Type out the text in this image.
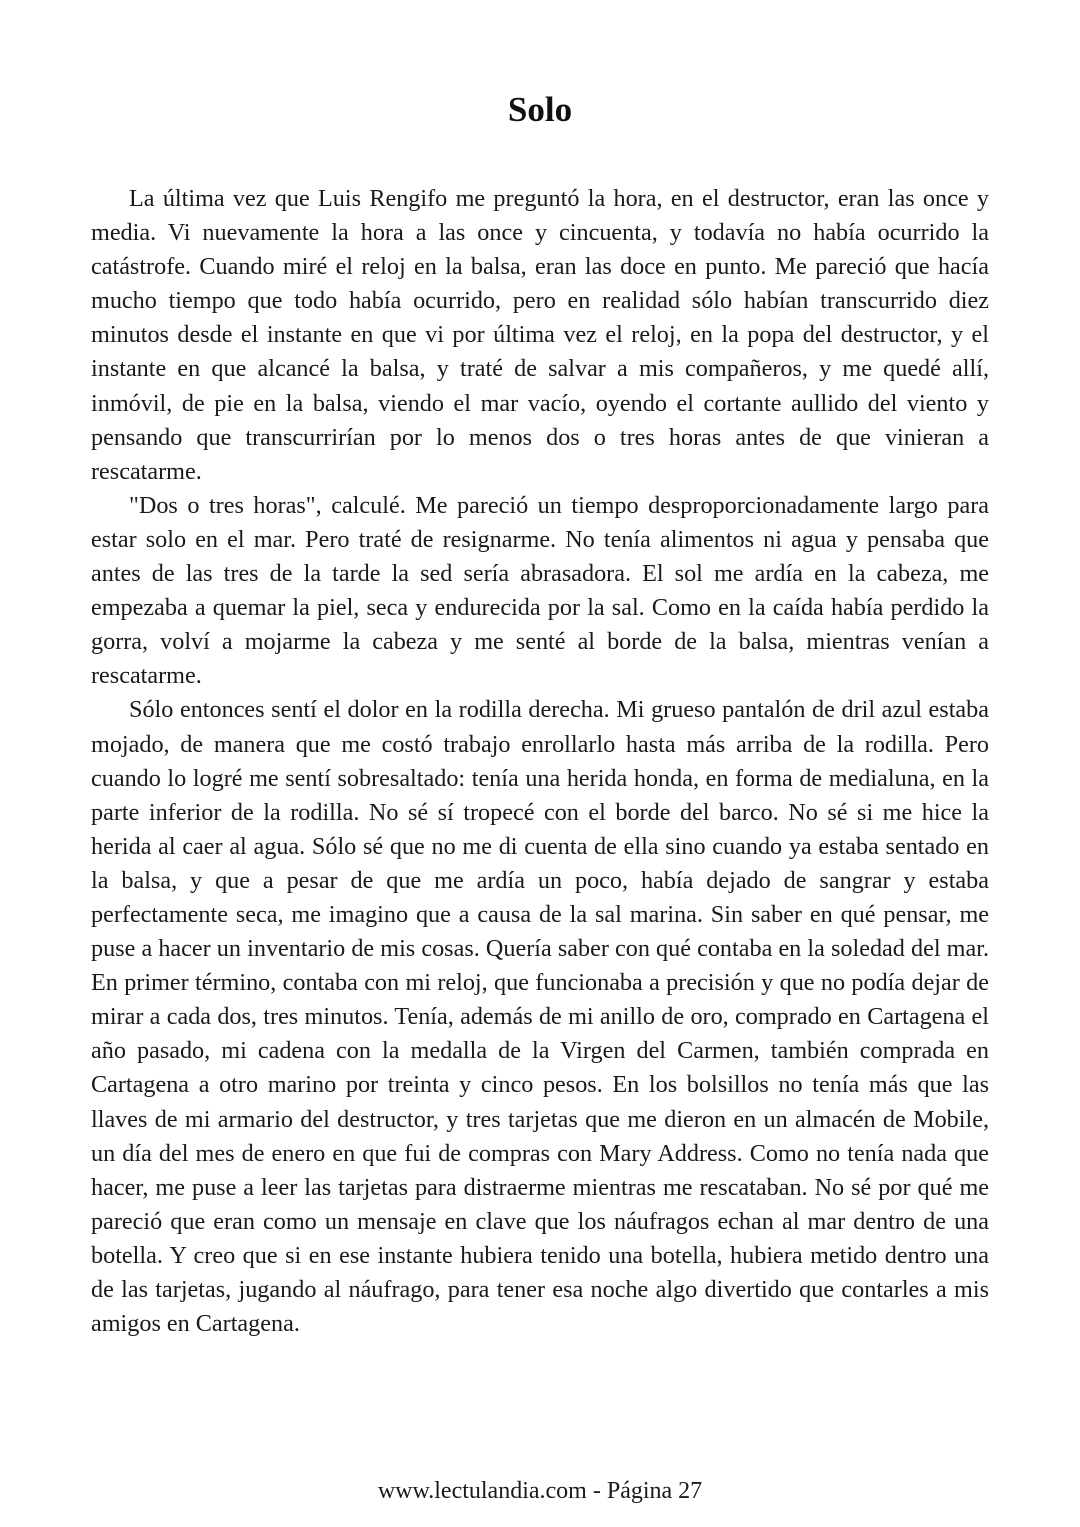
Solo

La última vez que Luis Rengifo me preguntó la hora, en el destructor, eran las once y media. Vi nuevamente la hora a las once y cincuenta, y todavía no había ocurrido la catástrofe. Cuando miré el reloj en la balsa, eran las doce en punto. Me pareció que hacía mucho tiempo que todo había ocurrido, pero en realidad sólo habían transcurrido diez minutos desde el instante en que vi por última vez el reloj, en la popa del destructor, y el instante en que alcancé la balsa, y traté de salvar a mis compañeros, y me quedé allí, inmóvil, de pie en la balsa, viendo el mar vacío, oyendo el cortante aullido del viento y pensando que transcurrirían por lo menos dos o tres horas antes de que vinieran a rescatarme.

"Dos o tres horas", calculé. Me pareció un tiempo desproporcionadamente largo para estar solo en el mar. Pero traté de resignarme. No tenía alimentos ni agua y pensaba que antes de las tres de la tarde la sed sería abrasadora. El sol me ardía en la cabeza, me empezaba a quemar la piel, seca y endurecida por la sal. Como en la caída había perdido la gorra, volví a mojarme la cabeza y me senté al borde de la balsa, mientras venían a rescatarme.

Sólo entonces sentí el dolor en la rodilla derecha. Mi grueso pantalón de dril azul estaba mojado, de manera que me costó trabajo enrollarlo hasta más arriba de la rodilla. Pero cuando lo logré me sentí sobresaltado: tenía una herida honda, en forma de medialuna, en la parte inferior de la rodilla. No sé sí tropecé con el borde del barco. No sé si me hice la herida al caer al agua. Sólo sé que no me di cuenta de ella sino cuando ya estaba sentado en la balsa, y que a pesar de que me ardía un poco, había dejado de sangrar y estaba perfectamente seca, me imagino que a causa de la sal marina. Sin saber en qué pensar, me puse a hacer un inventario de mis cosas. Quería saber con qué contaba en la soledad del mar. En primer término, contaba con mi reloj, que funcionaba a precisión y que no podía dejar de mirar a cada dos, tres minutos. Tenía, además de mi anillo de oro, comprado en Cartagena el año pasado, mi cadena con la medalla de la Virgen del Carmen, también comprada en Cartagena a otro marino por treinta y cinco pesos. En los bolsillos no tenía más que las llaves de mi armario del destructor, y tres tarjetas que me dieron en un almacén de Mobile, un día del mes de enero en que fui de compras con Mary Address. Como no tenía nada que hacer, me puse a leer las tarjetas para distraerme mientras me rescataban. No sé por qué me pareció que eran como un mensaje en clave que los náufragos echan al mar dentro de una botella. Y creo que si en ese instante hubiera tenido una botella, hubiera metido dentro una de las tarjetas, jugando al náufrago, para tener esa noche algo divertido que contarles a mis amigos en Cartagena.

www.lectulandia.com - Página 27
